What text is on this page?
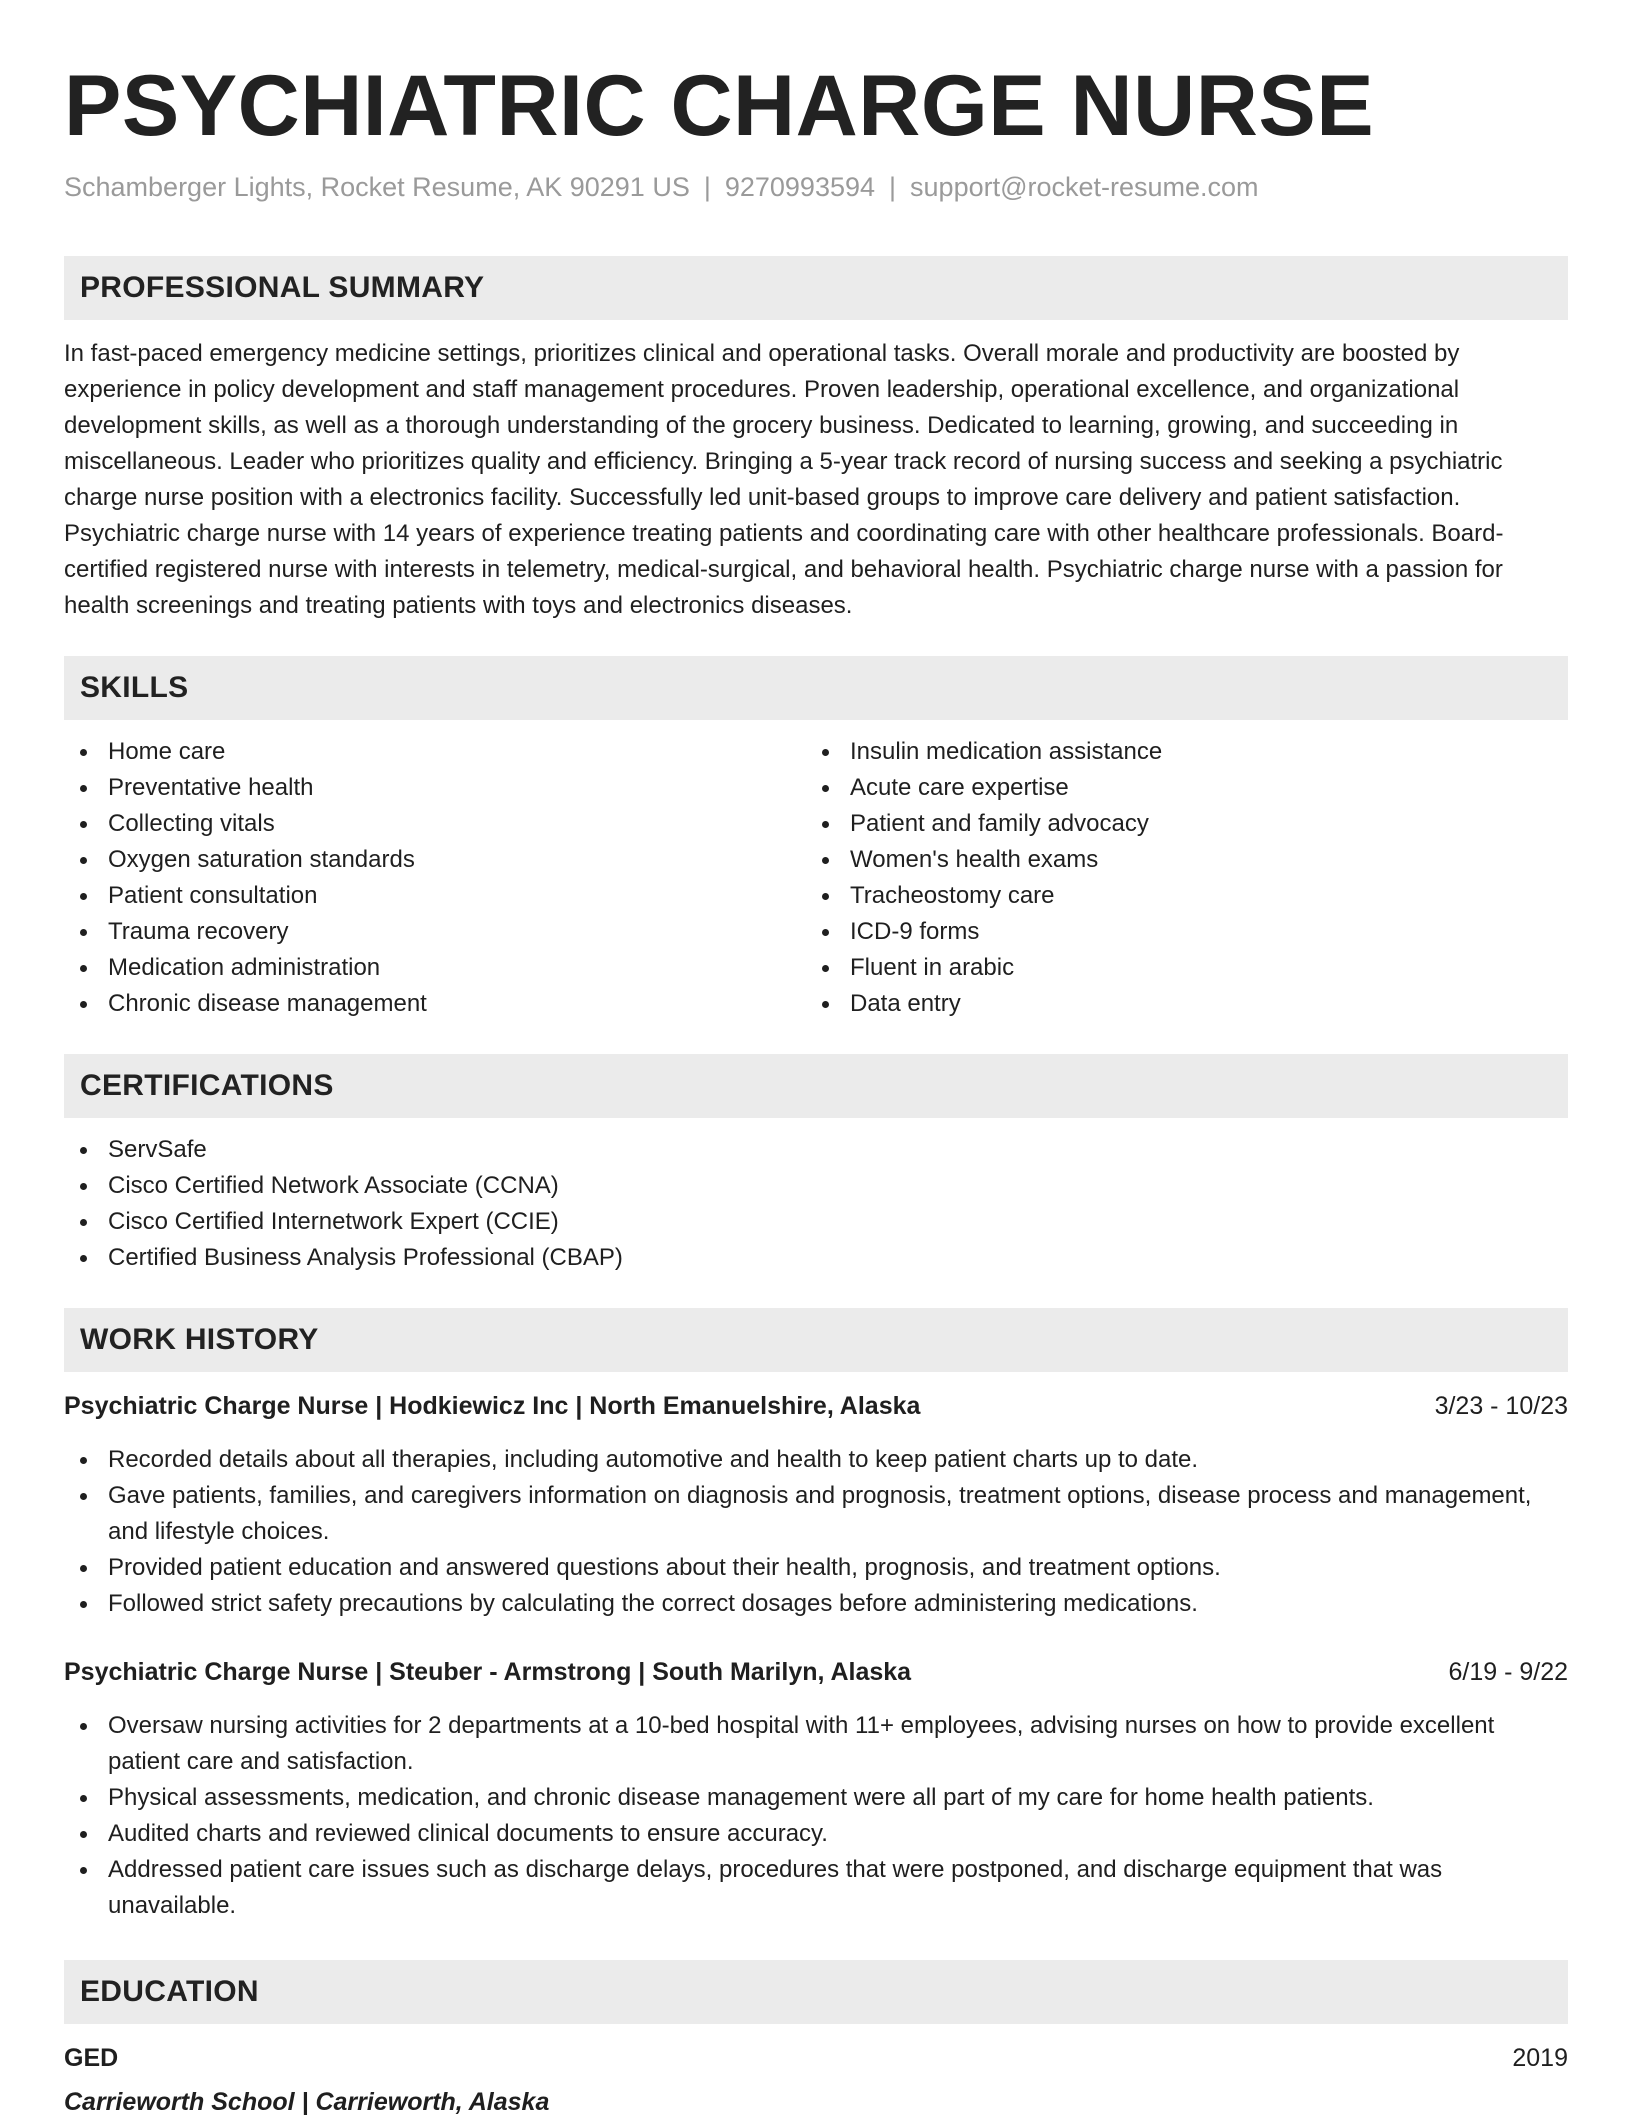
PSYCHIATRIC CHARGE NURSE
Schamberger Lights, Rocket Resume, AK 90291 US | 9270993594 | support@rocket-resume.com
PROFESSIONAL SUMMARY

In fast-paced emergency medicine settings, prioritizes clinical and operational tasks. Overall morale and productivity are boosted by experience in policy development and staff management procedures. Proven leadership, operational excellence, and organizational development skills, as well as a thorough understanding of the grocery business. Dedicated to learning, growing, and succeeding in miscellaneous. Leader who prioritizes quality and efficiency. Bringing a 5-year track record of nursing success and seeking a psychiatric charge nurse position with a electronics facility. Successfully led unit-based groups to improve care delivery and patient satisfaction. Psychiatric charge nurse with 14 years of experience treating patients and coordinating care with other healthcare professionals. Board-certified registered nurse with interests in telemetry, medical-surgical, and behavioral health. Psychiatric charge nurse with a passion for health screenings and treating patients with toys and electronics diseases.

SKILLS
Home care
Preventative health
Collecting vitals
Oxygen saturation standards
Patient consultation
Trauma recovery
Medication administration
Chronic disease management
Insulin medication assistance
Acute care expertise
Patient and family advocacy
Women's health exams
Tracheostomy care
ICD-9 forms
Fluent in arabic
Data entry
CERTIFICATIONS
ServSafe
Cisco Certified Network Associate (CCNA)
Cisco Certified Internetwork Expert (CCIE)
Certified Business Analysis Professional (CBAP)
WORK HISTORY
Psychiatric Charge Nurse | Hodkiewicz Inc | North Emanuelshire, Alaska	3/23 - 10/23
Recorded details about all therapies, including automotive and health to keep patient charts up to date.
Gave patients, families, and caregivers information on diagnosis and prognosis, treatment options, disease process and management, and lifestyle choices.
Provided patient education and answered questions about their health, prognosis, and treatment options.
Followed strict safety precautions by calculating the correct dosages before administering medications.
Psychiatric Charge Nurse | Steuber - Armstrong | South Marilyn, Alaska	6/19 - 9/22
Oversaw nursing activities for 2 departments at a 10-bed hospital with 11+ employees, advising nurses on how to provide excellent patient care and satisfaction.
Physical assessments, medication, and chronic disease management were all part of my care for home health patients.
Audited charts and reviewed clinical documents to ensure accuracy.
Addressed patient care issues such as discharge delays, procedures that were postponed, and discharge equipment that was unavailable.
EDUCATION
GED	2019
Carrieworth School | Carrieworth, Alaska
